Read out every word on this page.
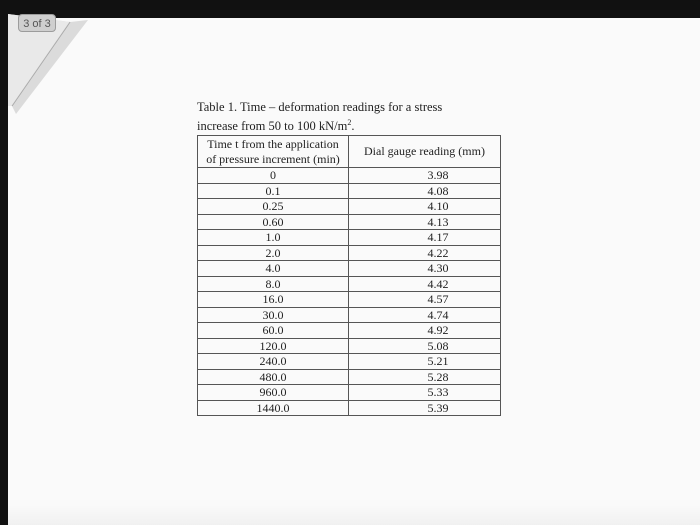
3 of 3
Table 1. Time – deformation readings for a stress
increase from 50 to 100 $kN/m^2$.
Time t from the application of pressure increment (min)	Dial gauge reading (mm)
0	3.98
0.1	4.08
0.25	4.10
0.60	4.13
1.0	4.17
2.0	4.22
4.0	4.30
8.0	4.42
16.0	4.57
30.0	4.74
60.0	4.92
120.0	5.08
240.0	5.21
480.0	5.28
960.0	5.33
1440.0	5.39
